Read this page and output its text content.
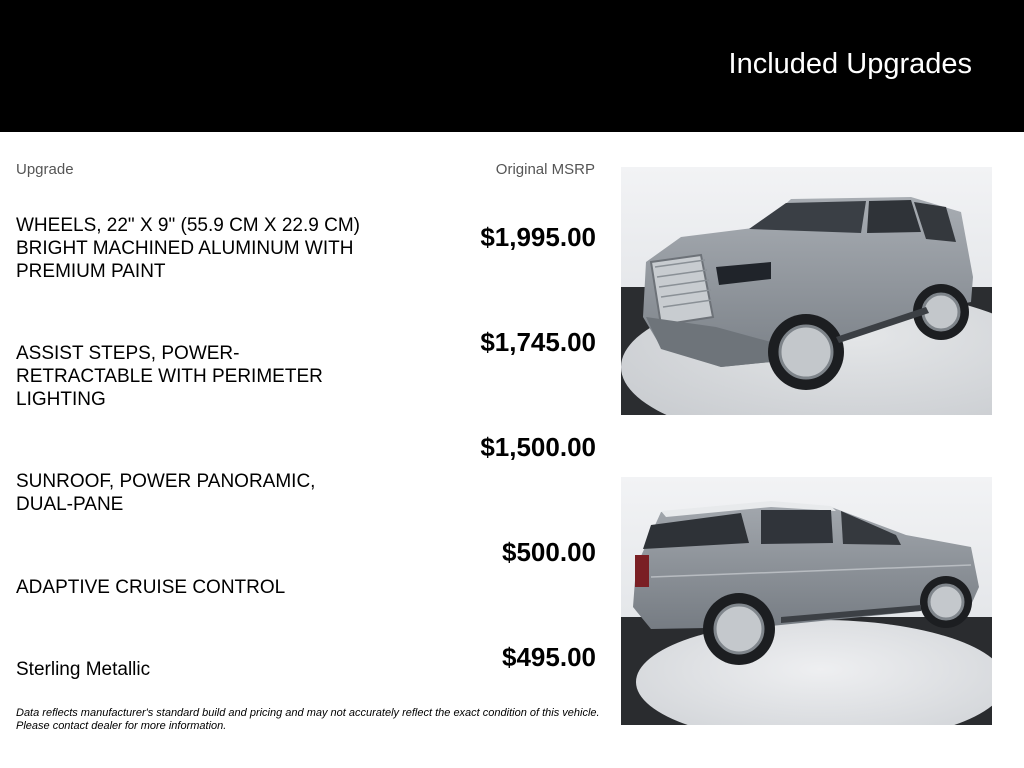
Included Upgrades
Upgrade	Original MSRP
WHEELS, 22" X 9" (55.9 CM X 22.9 CM) BRIGHT MACHINED ALUMINUM WITH PREMIUM PAINT
ASSIST STEPS, POWER-RETRACTABLE WITH PERIMETER LIGHTING
SUNROOF, POWER PANORAMIC, DUAL-PANE
ADAPTIVE CRUISE CONTROL
Sterling Metallic
$1,995.00
$1,745.00
$1,500.00
$500.00
$495.00
Data reflects manufacturer's standard build and pricing and may not accurately reflect the exact condition of this vehicle. Please contact dealer for more information.
